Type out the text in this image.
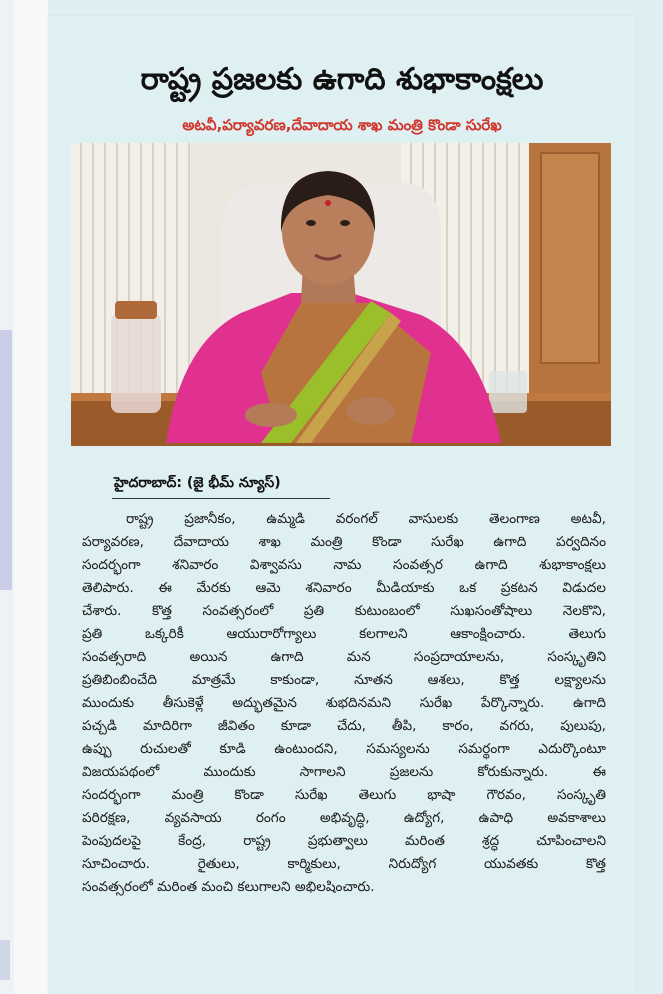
రాష్ట్ర ప్రజలకు ఉగాది శుభాకాంక్షలు
అటవీ,పర్యావరణ,దేవాదాయ శాఖ మంత్రి కొండా సురేఖ
హైదరాబాద్: (జై భీమ్ న్యూస్)
రాష్ట్ర ప్రజానీకం, ఉమ్మడి వరంగల్ వాసులకు తెలంగాణ అటవీ,
పర్యావరణ, దేవాదాయ శాఖ మంత్రి కొండా సురేఖ ఉగాది పర్వదినం
సందర్భంగా శనివారం విశ్వావసు నామ సంవత్సర ఉగాది శుభాకాంక్షలు
తెలిపారు. ఈ మేరకు ఆమె శనివారం మీడియాకు ఒక ప్రకటన విడుదల
చేశారు. కొత్త సంవత్సరంలో ప్రతి కుటుంబంలో సుఖసంతోషాలు నెలకొని,
ప్రతి ఒక్కరికీ ఆయురారోగ్యాలు కలగాలని ఆకాంక్షించారు. తెలుగు
సంవత్సరాది అయిన ఉగాది మన సంప్రదాయాలను, సంస్కృతిని
ప్రతిబింబించేది మాత్రమే కాకుండా, నూతన ఆశలు, కొత్త లక్ష్యాలను
ముందుకు తీసుకెళ్లే అద్భుతమైన శుభదినమని సురేఖ పేర్కొన్నారు. ఉగాది
పచ్చడి మాదిరిగా జీవితం కూడా చేదు, తీపి, కారం, వగరు, పులుపు,
ఉప్పు రుచులతో కూడి ఉంటుందని, సమస్యలను సమర్థంగా ఎదుర్కొంటూ
విజయపథంలో ముందుకు సాగాలని ప్రజలను కోరుకున్నారు. ఈ
సందర్భంగా మంత్రి కొండా సురేఖ తెలుగు భాషా గౌరవం, సంస్కృతి
పరిరక్షణ, వ్యవసాయ రంగం అభివృద్ధి, ఉద్యోగ, ఉపాధి అవకాశాలు
పెంపుదలపై కేంద్ర, రాష్ట్ర ప్రభుత్వాలు మరింత శ్రద్ధ చూపించాలని
సూచించారు. రైతులు, కార్మికులు, నిరుద్యోగ యువతకు కొత్త
సంవత్సరంలో మరింత మంచి కలుగాలని అభిలషించారు.
